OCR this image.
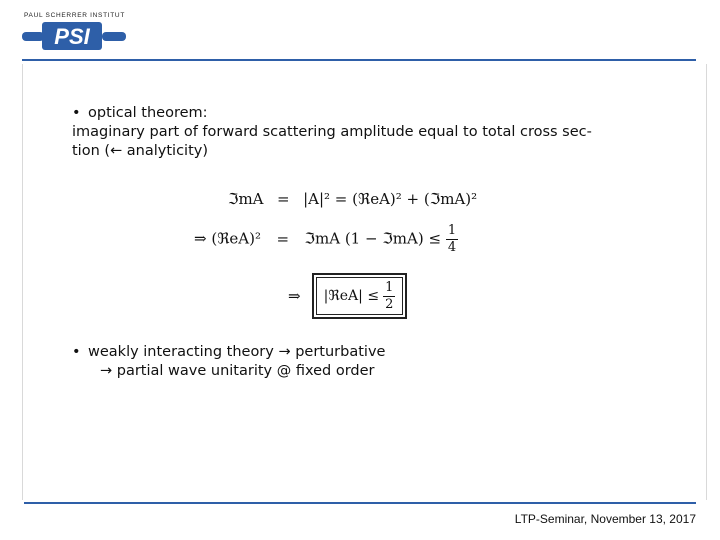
PAUL SCHERRER INSTITUT
PSI
• optical theorem:
imaginary part of forward scattering amplitude equal to total cross sec-
tion (← analyticity)
ℑmA = |A|² = (ℜeA)² + (ℑmA)²
⇒ (ℜeA)² = ℑmA (1 − ℑmA) ≤ $\frac{1}{4}$
⇒ |ℜeA| ≤ $\frac{1}{2}$
• weakly interacting theory → perturbative
→ partial wave unitarity @ fixed order
LTP-Seminar, November 13, 2017
